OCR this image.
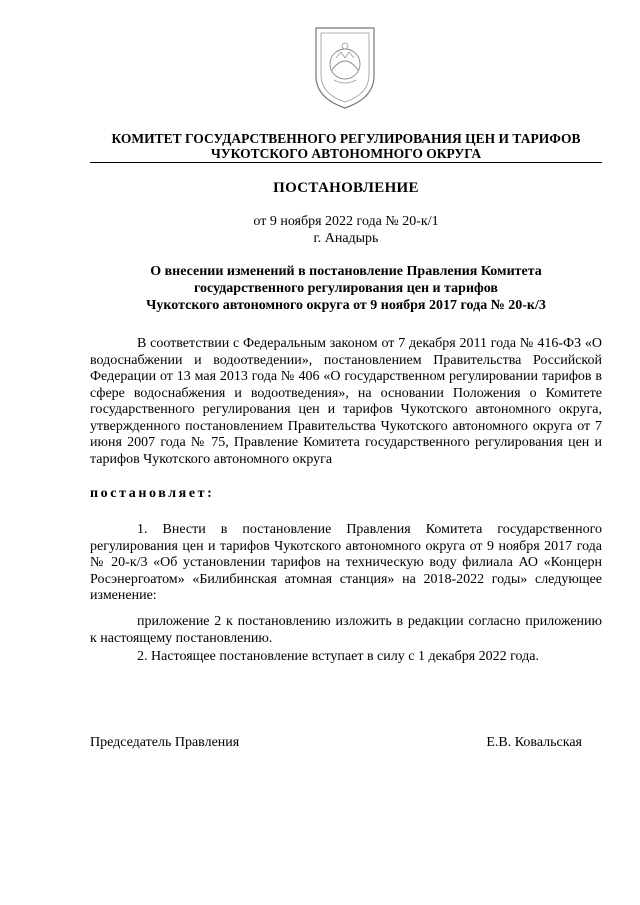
КОМИТЕТ ГОСУДАРСТВЕННОГО РЕГУЛИРОВАНИЯ ЦЕН И ТАРИФОВ
ЧУКОТСКОГО АВТОНОМНОГО ОКРУГА
ПОСТАНОВЛЕНИЕ
от 9 ноября 2022 года № 20-к/1
г. Анадырь
О внесении изменений в постановление Правления Комитета
государственного регулирования цен и тарифов
Чукотского автономного округа от 9 ноября 2017 года № 20-к/3
В соответствии с Федеральным законом от 7 декабря 2011 года № 416-ФЗ «О водоснабжении и водоотведении», постановлением Правительства Российской Федерации от 13 мая 2013 года № 406 «О государственном регулировании тарифов в сфере водоснабжения и водоотведения», на основании Положения о Комитете государственного регулирования цен и тарифов Чукотского автономного округа, утвержденного постановлением Правительства Чукотского автономного округа от 7 июня 2007 года № 75, Правление Комитета государственного регулирования цен и тарифов Чукотского автономного округа
постановляет:
1. Внести в постановление Правления Комитета государственного регулирования цен и тарифов Чукотского автономного округа от 9 ноября 2017 года № 20-к/3 «Об установлении тарифов на техническую воду филиала АО «Концерн Росэнергоатом» «Билибинская атомная станция» на 2018-2022 годы» следующее изменение:
приложение 2 к постановлению изложить в редакции согласно приложению к настоящему постановлению.
2. Настоящее постановление вступает в силу с 1 декабря 2022 года.
Председатель Правления	Е.В. Ковальская
